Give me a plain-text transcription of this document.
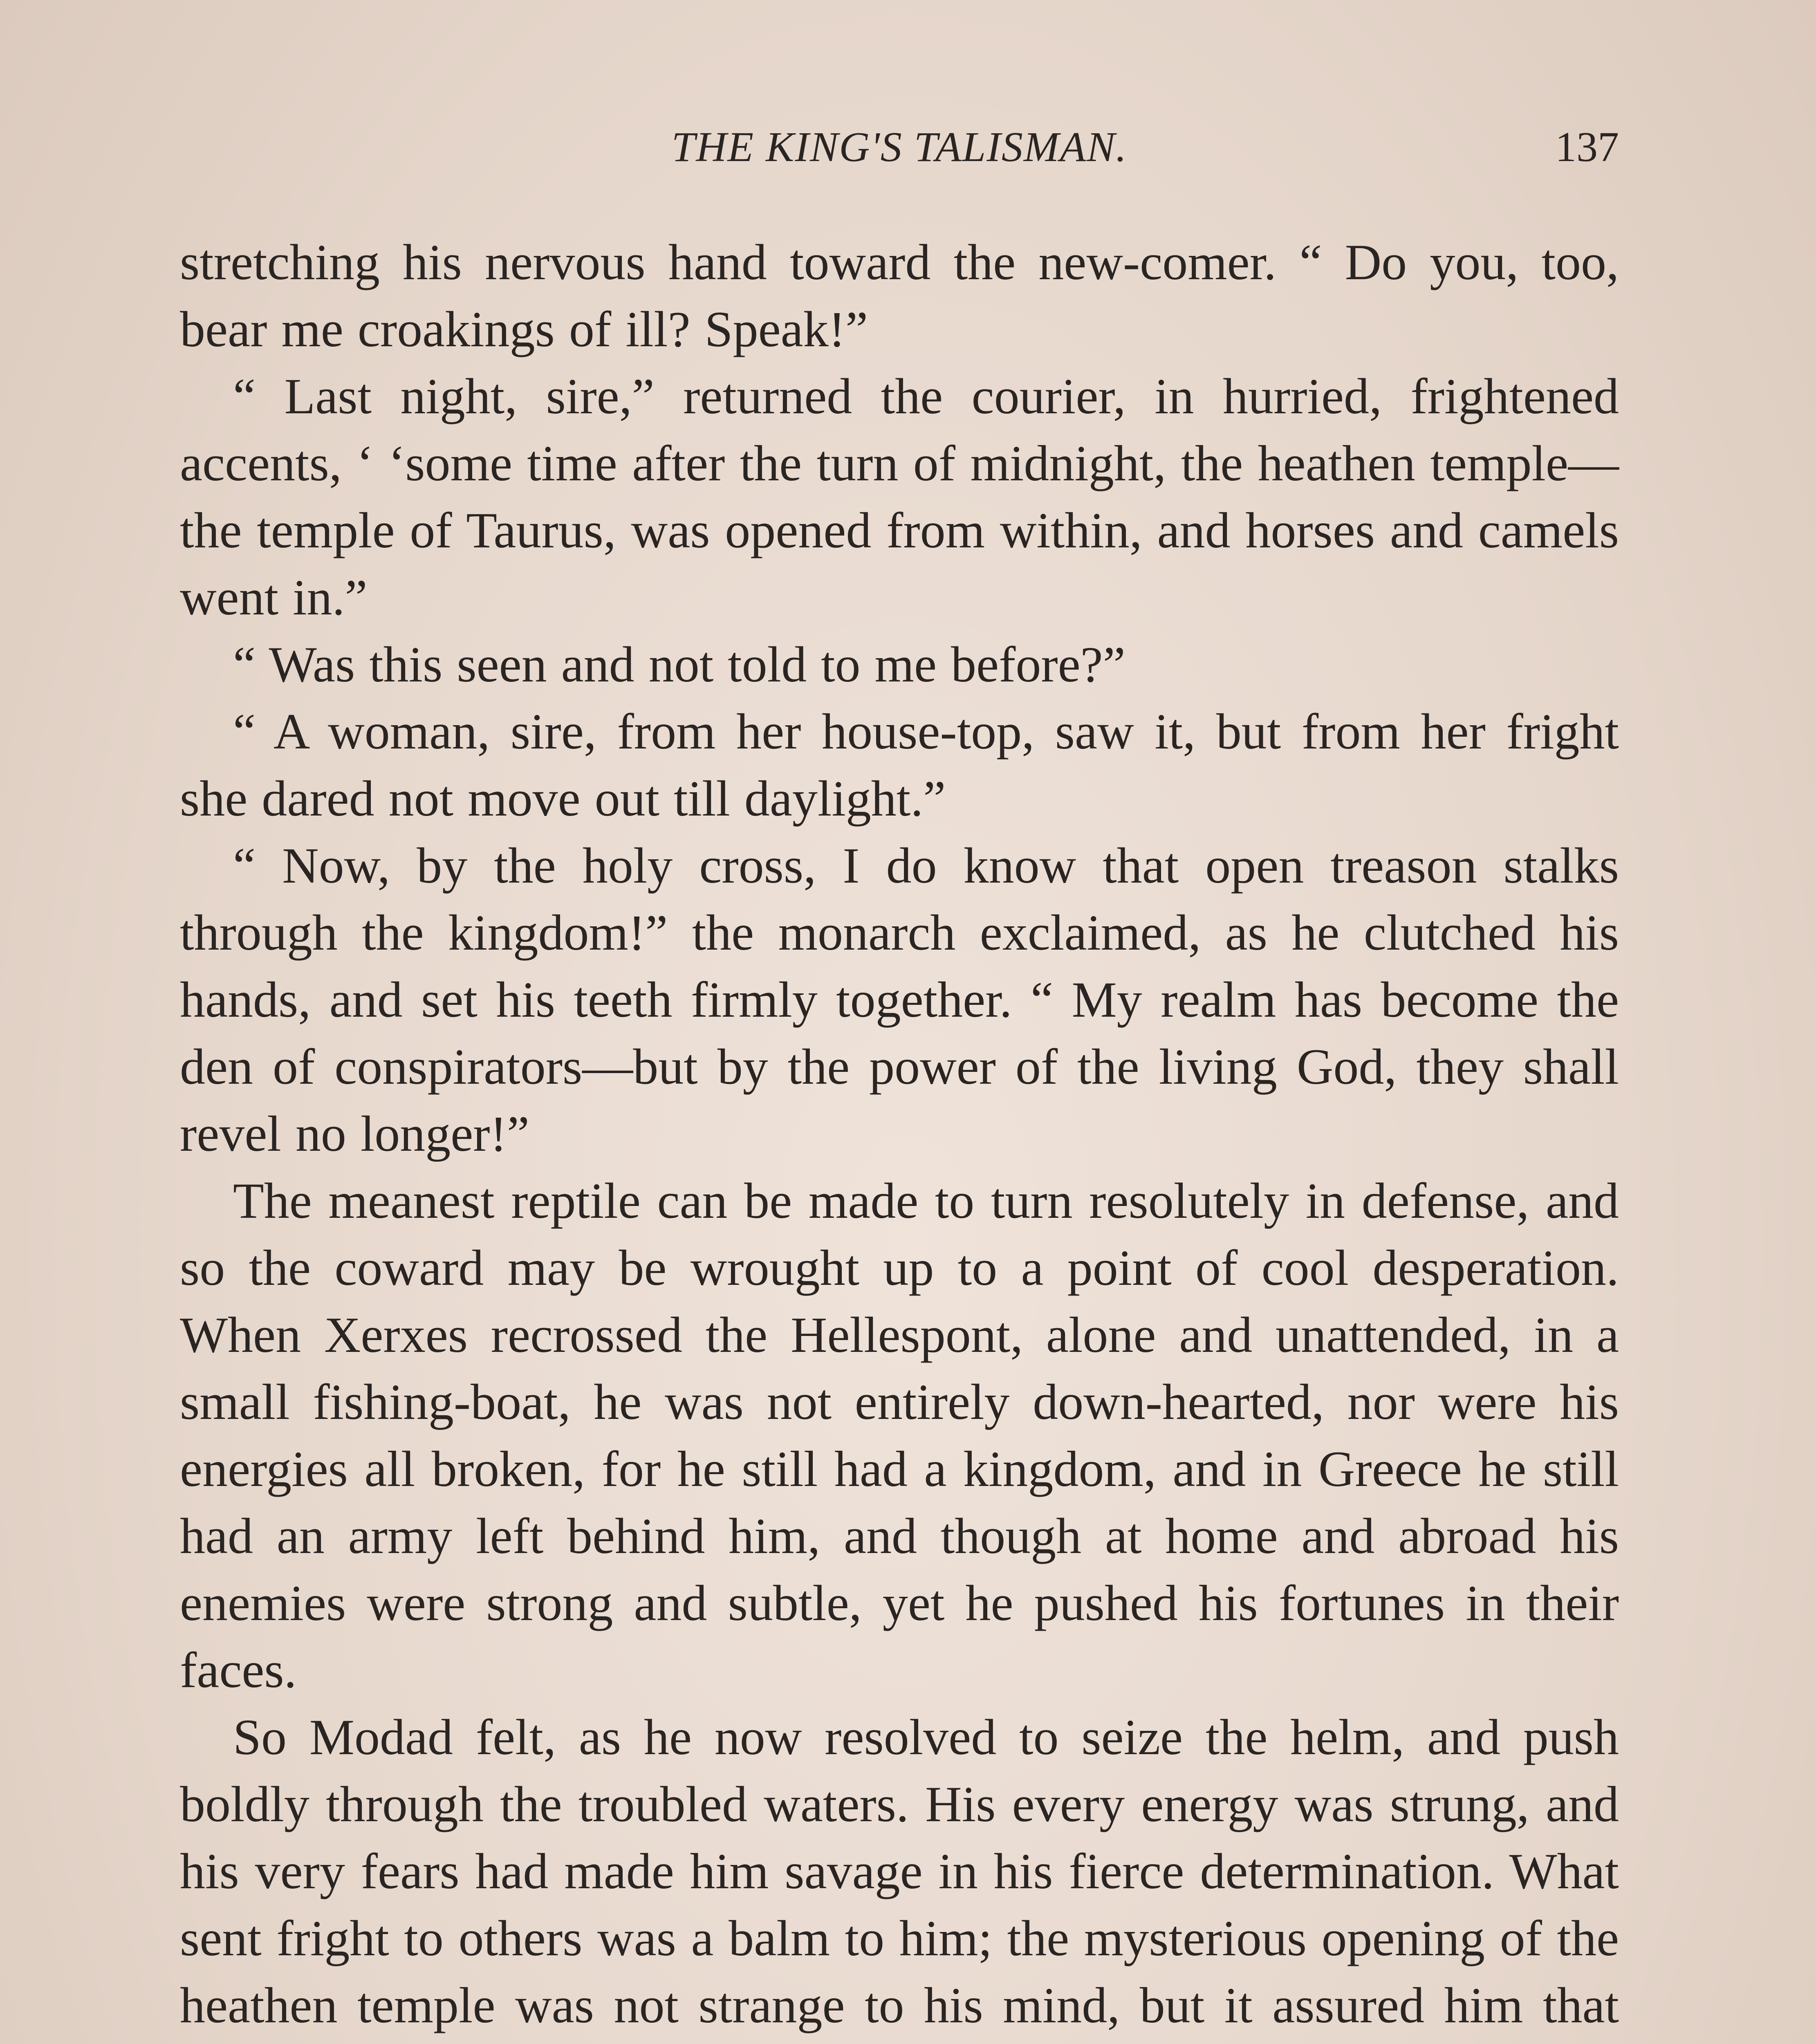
THE KING'S TALISMAN.	137

stretching his nervous hand toward the new-comer. “ Do you, too, bear me croakings of ill? Speak!”

“ Last night, sire,” returned the courier, in hurried, frightened accents, ‘ ‘some time after the turn of midnight, the heathen temple—the temple of Taurus, was opened from within, and horses and camels went in.”

“ Was this seen and not told to me before?”

“ A woman, sire, from her house-top, saw it, but from her fright she dared not move out till daylight.”

“ Now, by the holy cross, I do know that open treason stalks through the kingdom!” the monarch exclaimed, as he clutched his hands, and set his teeth firmly together. “ My realm has become the den of conspirators—but by the power of the living God, they shall revel no longer!”

The meanest reptile can be made to turn resolutely in defense, and so the coward may be wrought up to a point of cool desperation. When Xerxes recrossed the Hellespont, alone and unattended, in a small fishing-boat, he was not entirely down-hearted, nor were his energies all broken, for he still had a kingdom, and in Greece he still had an army left behind him, and though at home and abroad his enemies were strong and subtle, yet he pushed his fortunes in their faces.

So Modad felt, as he now resolved to seize the helm, and push boldly through the troubled waters. His every energy was strung, and his very fears had made him savage in his fierce determination. What sent fright to others was a balm to him; the mysterious opening of the heathen temple was not strange to his mind, but it assured him that
